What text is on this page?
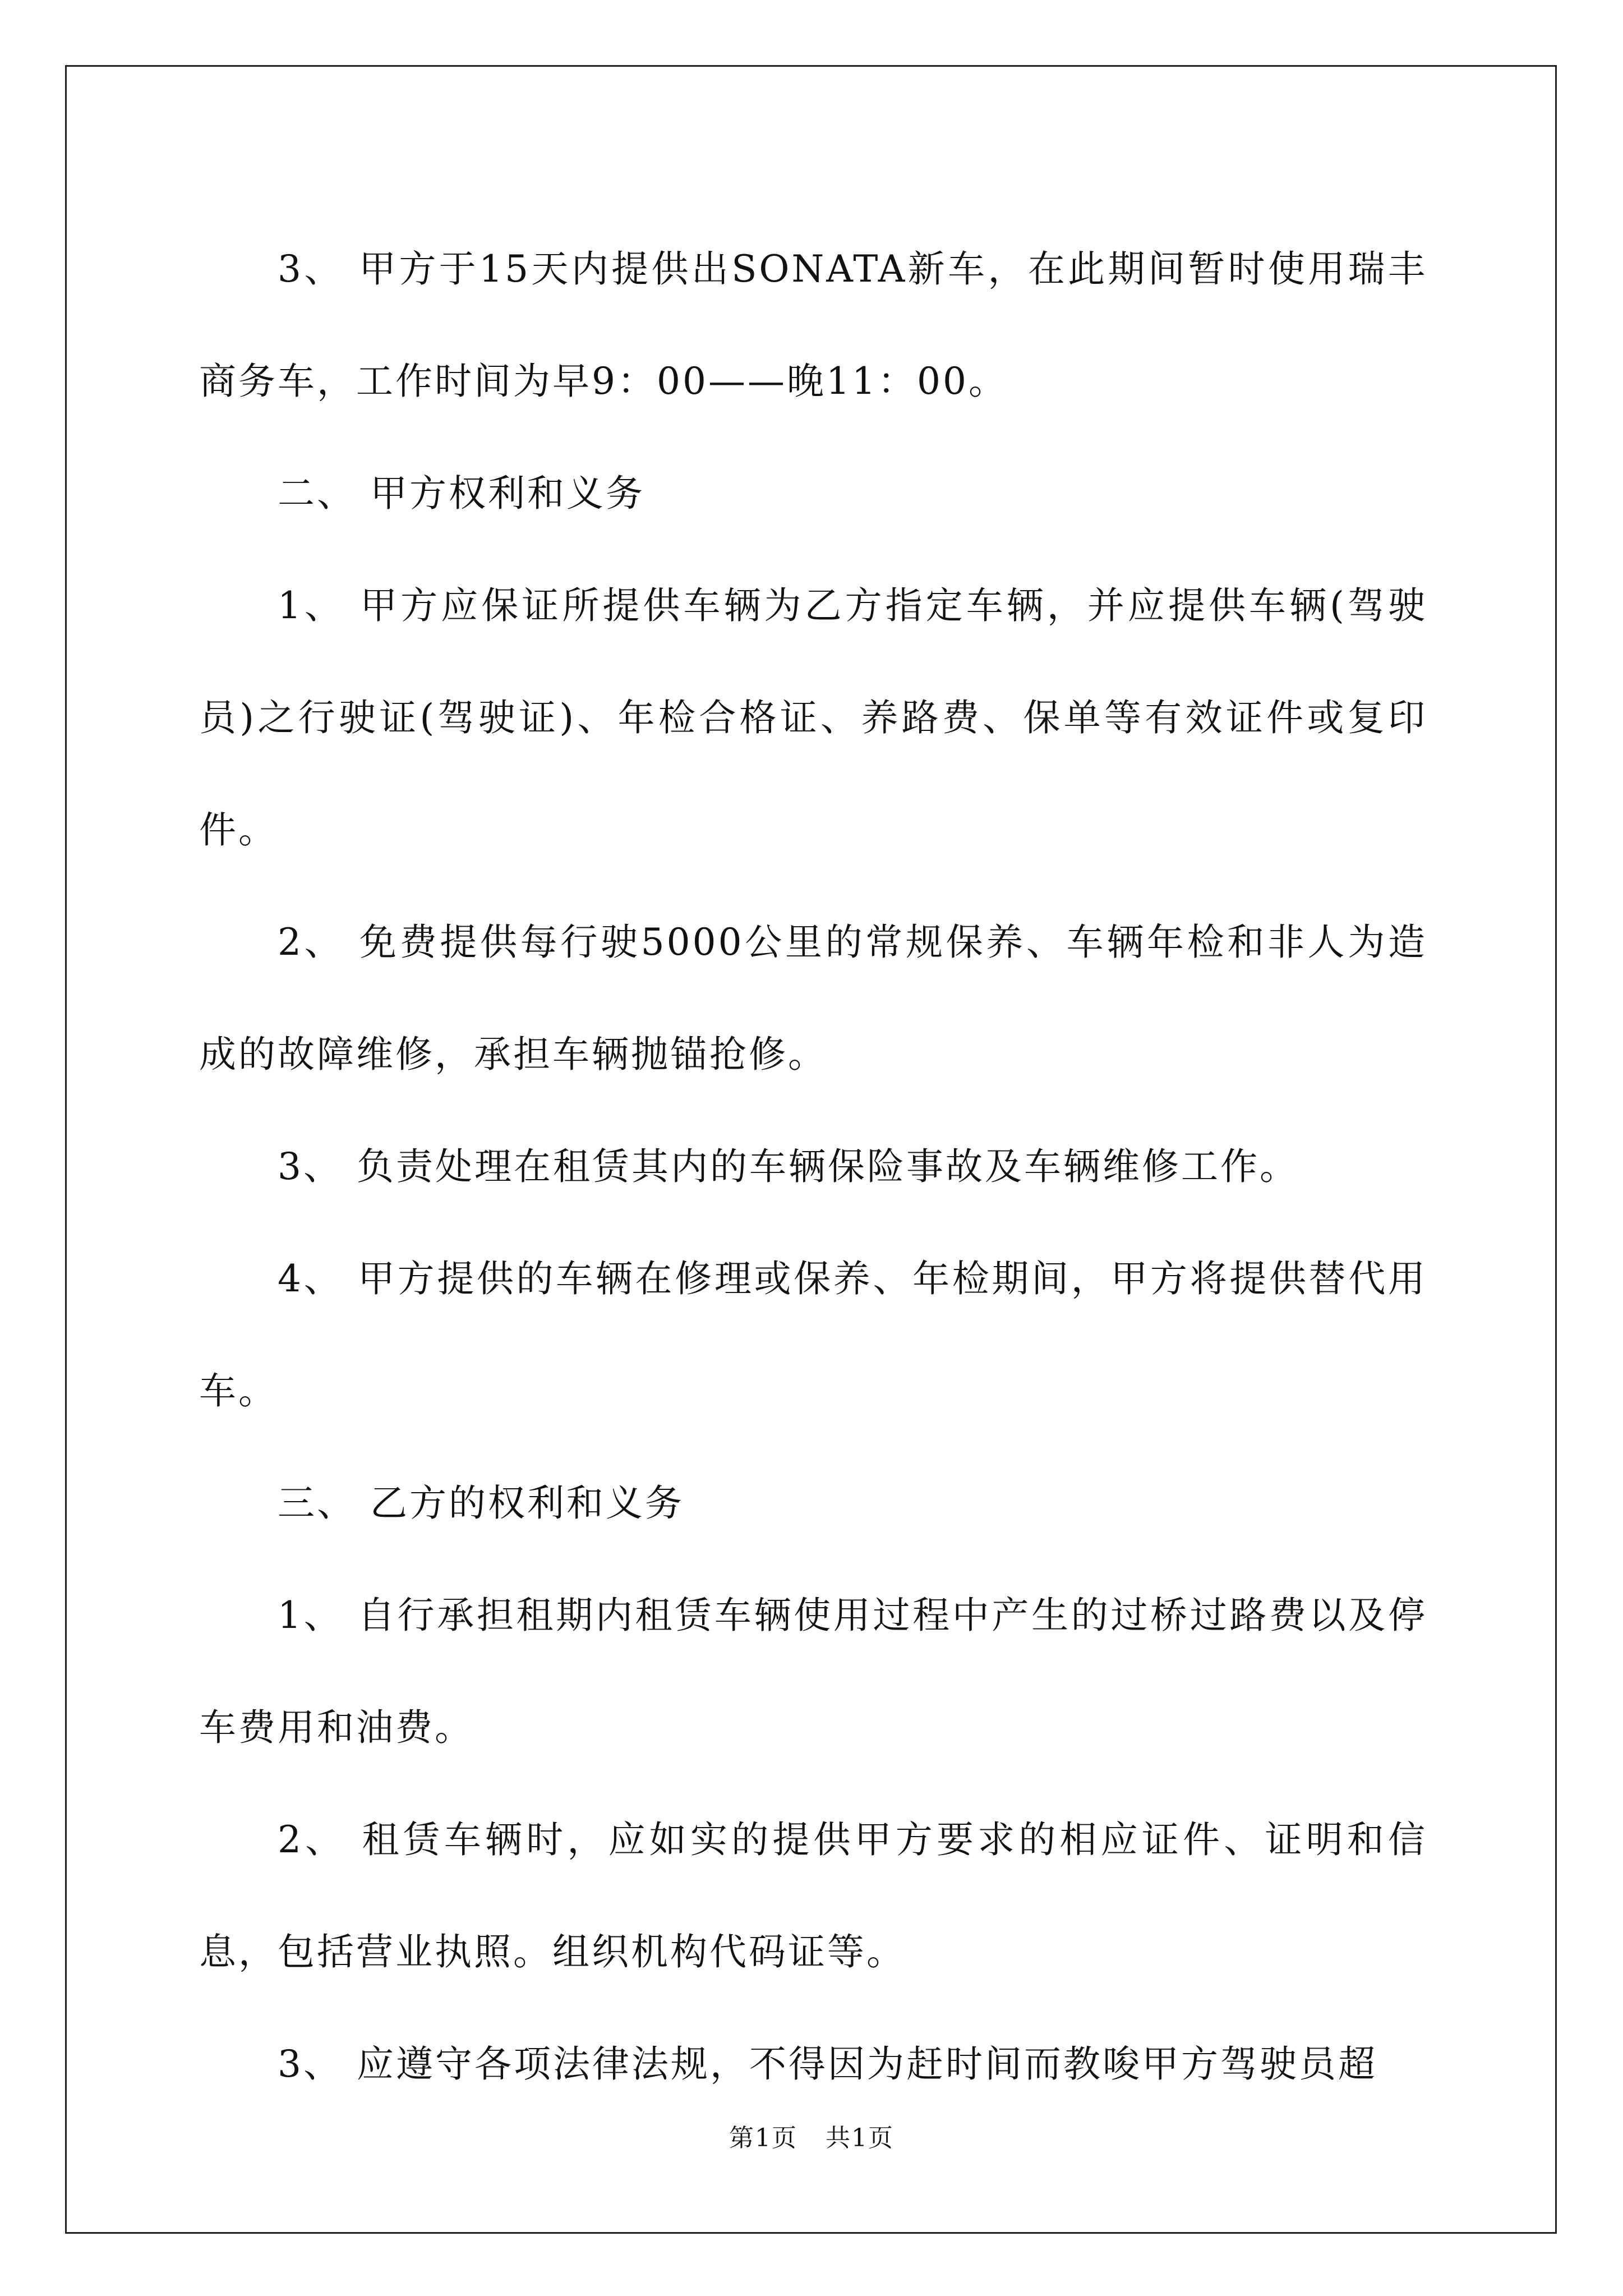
3、 甲方于15天内提供出SONATA新车，在此期间暂时使用瑞丰商务车，工作时间为早9：00——晚11：00。

二、 甲方权利和义务

1、 甲方应保证所提供车辆为乙方指定车辆，并应提供车辆(驾驶员)之行驶证(驾驶证)、年检合格证、养路费、保单等有效证件或复印件。

2、 免费提供每行驶5000公里的常规保养、车辆年检和非人为造成的故障维修，承担车辆抛锚抢修。

3、 负责处理在租赁其内的车辆保险事故及车辆维修工作。

4、 甲方提供的车辆在修理或保养、年检期间，甲方将提供替代用车。

三、 乙方的权利和义务

1、 自行承担租期内租赁车辆使用过程中产生的过桥过路费以及停车费用和油费。

2、 租赁车辆时，应如实的提供甲方要求的相应证件、证明和信息，包括营业执照。组织机构代码证等。

3、 应遵守各项法律法规，不得因为赶时间而教唆甲方驾驶员超

第1页 共1页
